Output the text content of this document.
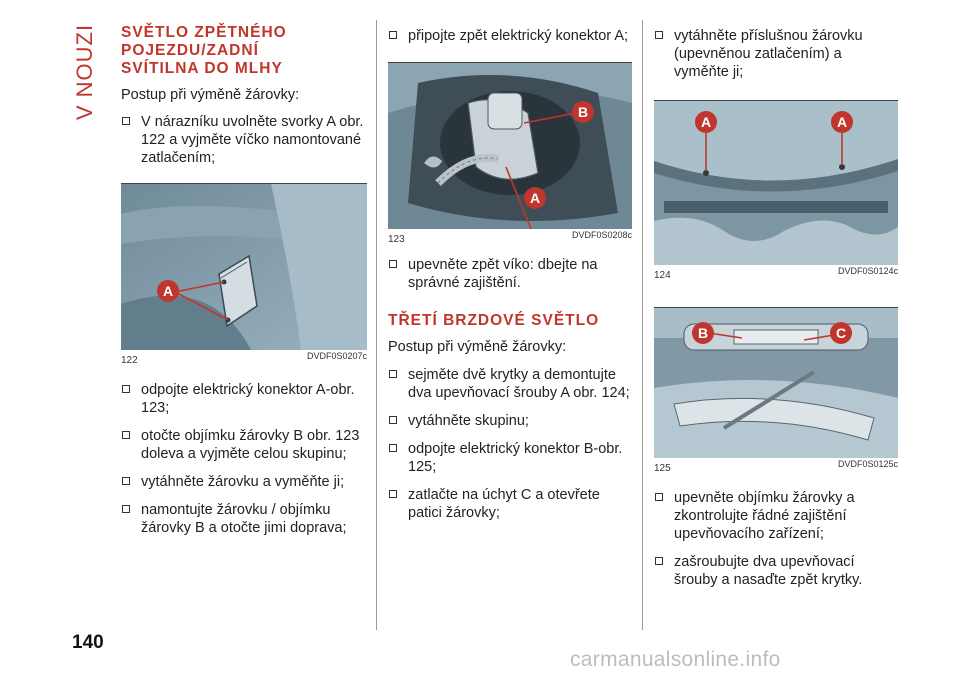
V NOUZI SVĚTLO ZPĚTNÉHO POJEZDU/ZADNÍ SVÍTILNA DO MLHY

Postup při výměně žárovky:

V nárazníku uvolněte svorky A obr. 122 a vyjměte víčko namontované zatlačením;
A
122	DVDF0S0207c
odpojte elektrický konektor A-obr. 123;
otočte objímku žárovky B obr. 123 doleva a vyjměte celou skupinu;
vytáhněte žárovku a vyměňte ji;
namontujte žárovku / objímku žárovky B a otočte jimi doprava;
připojte zpět elektrický konektor A;
B
A
123	DVDF0S0208c
upevněte zpět víko: dbejte na správné zajištění.
TŘETÍ BRZDOVÉ SVĚTLO

Postup při výměně žárovky:

sejměte dvě krytky a demontujte dva upevňovací šrouby A obr. 124;
vytáhněte skupinu;
odpojte elektrický konektor B-obr. 125;
zatlačte na úchyt C a otevřete patici žárovky;
vytáhněte příslušnou žárovku (upevněnou zatlačením) a vyměňte ji;
A	A
124	DVDF0S0124c
B	C
125	DVDF0S0125c
upevněte objímku žárovky a zkontrolujte řádné zajištění upevňovacího zařízení;
zašroubujte dva upevňovací šrouby a nasaďte zpět krytky.
140
carmanualsonline.info
